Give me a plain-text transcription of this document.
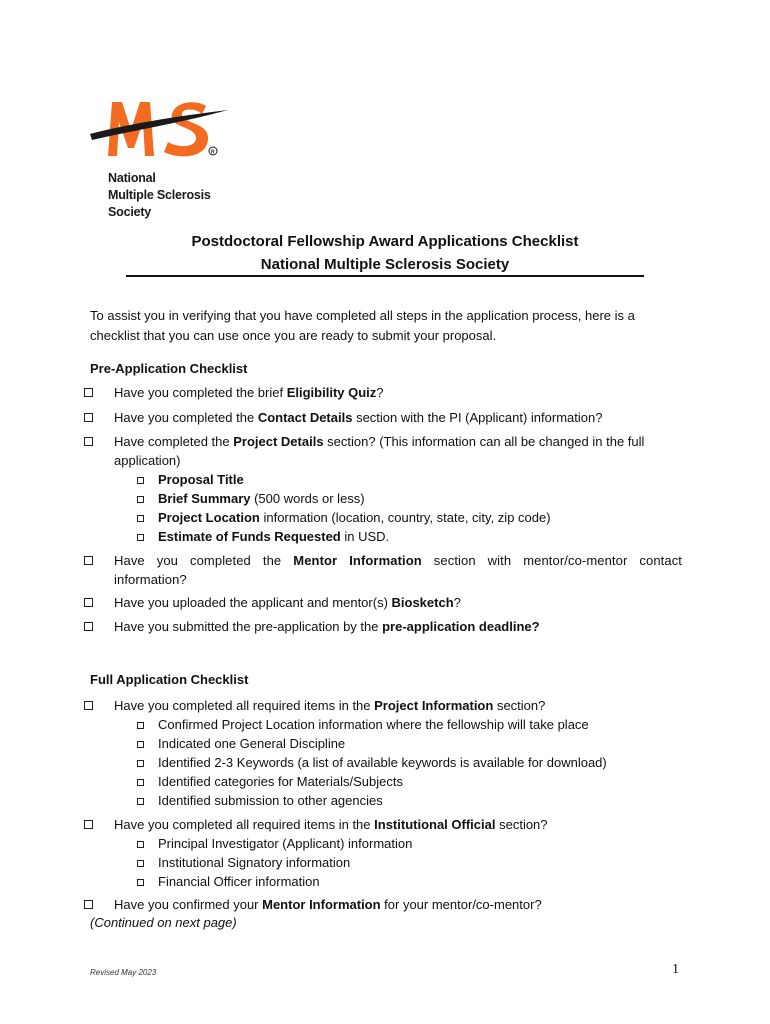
R
National
Multiple Sclerosis
Society
Postdoctoral Fellowship Award Applications Checklist
National Multiple Sclerosis Society
To assist you in verifying that you have completed all steps in the application process, here is a checklist that you can use once you are ready to submit your proposal.
Pre-Application Checklist
Have you completed the brief Eligibility Quiz?
Have you completed the Contact Details section with the PI (Applicant) information?
Have completed the Project Details section? (This information can all be changed in the full application)
Proposal Title
Brief Summary (500 words or less)
Project Location information (location, country, state, city, zip code)
Estimate of Funds Requested in USD.
Have you completed the Mentor Information section with mentor/co-mentor contact information?
Have you uploaded the applicant and mentor(s) Biosketch?
Have you submitted the pre-application by the pre-application deadline?
Full Application Checklist
Have you completed all required items in the Project Information section?
Confirmed Project Location information where the fellowship will take place
Indicated one General Discipline
Identified 2-3 Keywords (a list of available keywords is available for download)
Identified categories for Materials/Subjects
Identified submission to other agencies
Have you completed all required items in the Institutional Official section?
Principal Investigator (Applicant) information
Institutional Signatory information
Financial Officer information
Have you confirmed your Mentor Information for your mentor/co-mentor?
(Continued on next page)
Revised May 2023	1
